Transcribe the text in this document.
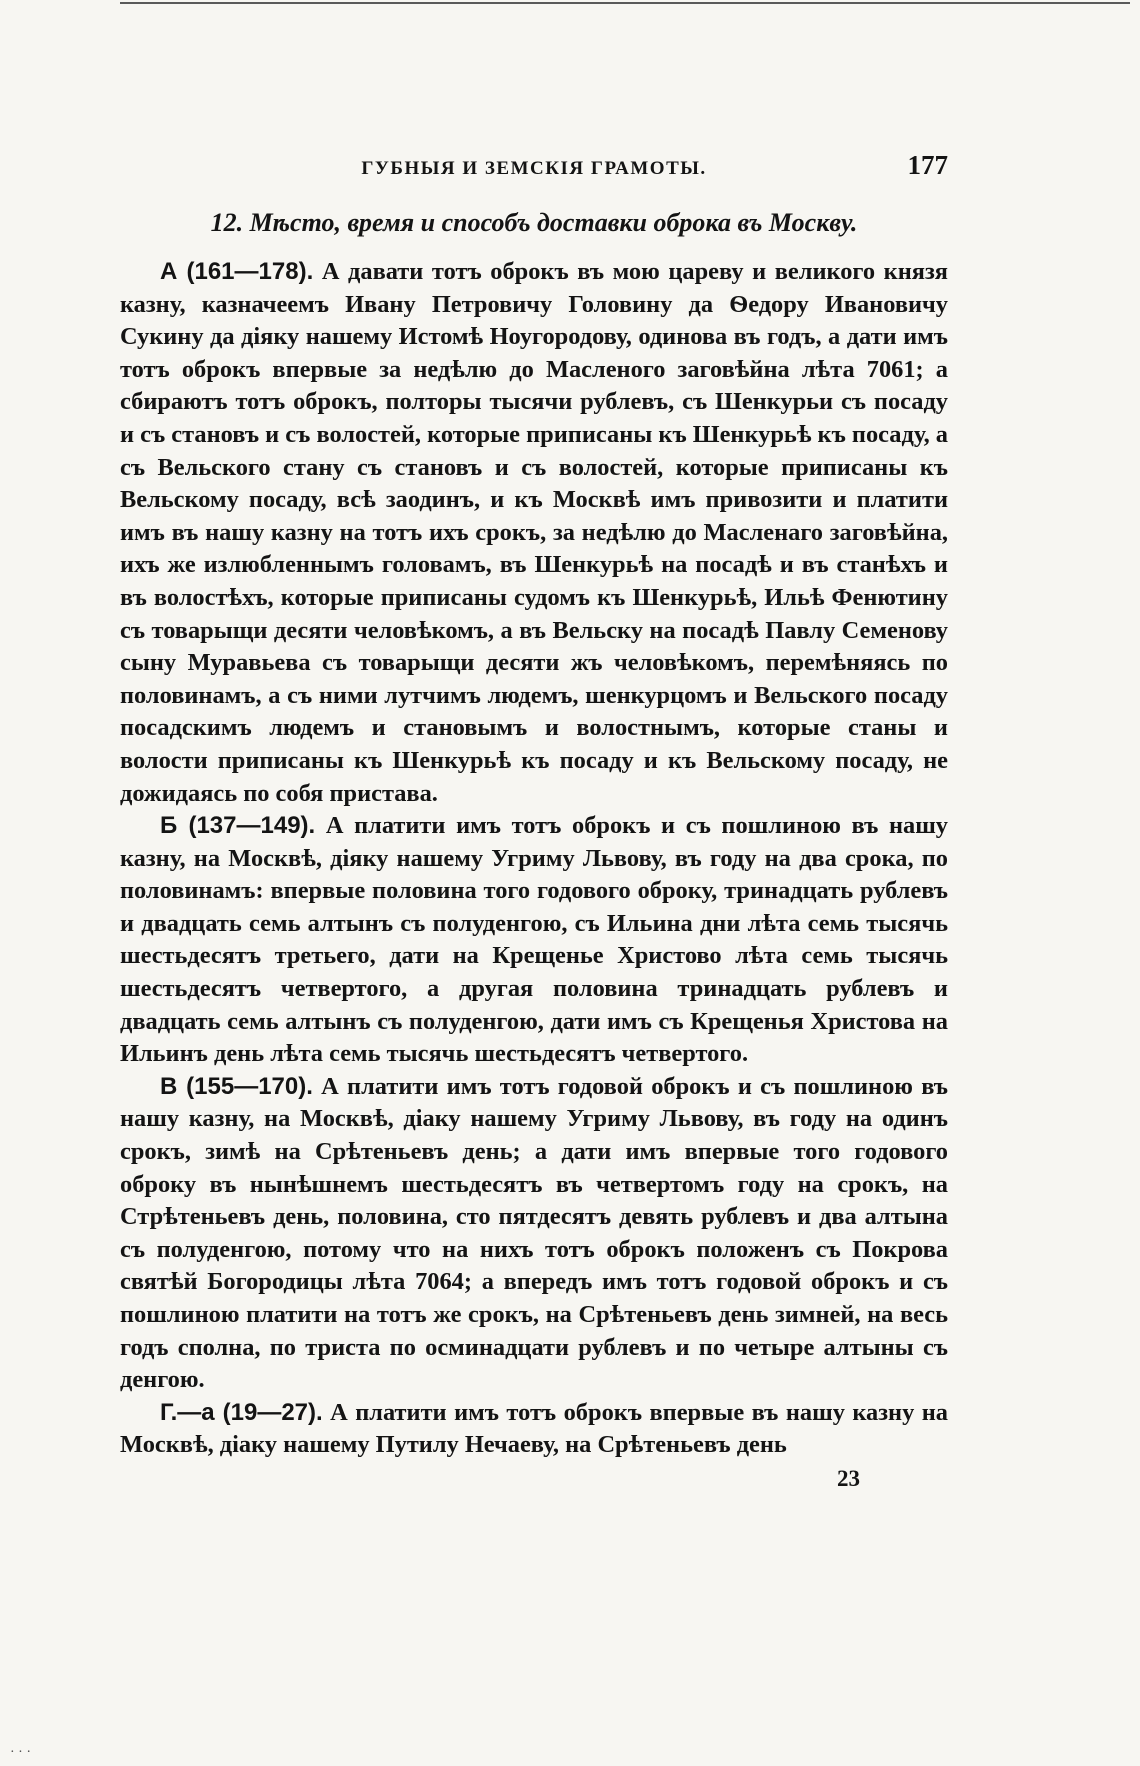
ГУБНЫЯ И ЗЕМСКІЯ ГРАМОТЫ.	177
12. Мѣсто, время и способъ доставки оброка въ Москву.

А (161—178). А давати тотъ оброкъ въ мою цареву и великого князя казну, казначеемъ Ивану Петровичу Головину да Ѳедору Ивановичу Сукину да діяку нашему Истомѣ Ноугородову, одинова въ годъ, а дати имъ тотъ оброкъ впервые за недѣлю до Масленого заговѣйна лѣта 7061; а сбираютъ тотъ оброкъ, полторы тысячи рублевъ, съ Шенкурьи съ посаду и съ становъ и съ волостей, которые приписаны къ Шенкурьѣ къ посаду, а съ Вельского стану съ становъ и съ волостей, которые приписаны къ Вельскому посаду, всѣ заодинъ, и къ Москвѣ имъ привозити и платити имъ въ нашу казну на тотъ ихъ срокъ, за недѣлю до Масленаго заговѣйна, ихъ же излюбленнымъ головамъ, въ Шенкурьѣ на посадѣ и въ станѣхъ и въ волостѣхъ, которые приписаны судомъ къ Шенкурьѣ, Ильѣ Фенютину съ товарыщи десяти человѣкомъ, а въ Вельску на посадѣ Павлу Семенову сыну Муравьева съ товарыщи десяти жъ человѣкомъ, перемѣняясь по половинамъ, а съ ними лутчимъ людемъ, шенкурцомъ и Вельского посаду посадскимъ людемъ и становымъ и волостнымъ, которые станы и волости приписаны къ Шенкурьѣ къ посаду и къ Вельскому посаду, не дожидаясь по собя пристава.

Б (137—149). А платити имъ тотъ оброкъ и съ пошлиною въ нашу казну, на Москвѣ, діяку нашему Угриму Львову, въ году на два срока, по половинамъ: впервые половина того годового оброку, тринадцать рублевъ и двадцать семь алтынъ съ полуденгою, съ Ильина дни лѣта семь тысячь шестьдесятъ третьего, дати на Крещенье Христово лѣта семь тысячь шестьдесятъ четвертого, а другая половина тринадцать рублевъ и двадцать семь алтынъ съ полуденгою, дати имъ съ Крещенья Христова на Ильинъ день лѣта семь тысячь шестьдесятъ четвертого.

В (155—170). А платити имъ тотъ годовой оброкъ и съ пошлиною въ нашу казну, на Москвѣ, діаку нашему Угриму Львову, въ году на одинъ срокъ, зимѣ на Срѣтеньевъ день; а дати имъ впервые того годового оброку въ нынѣшнемъ шестьдесятъ въ четвертомъ году на срокъ, на Стрѣтеньевъ день, половина, сто пятдесятъ девять рублевъ и два алтына съ полуденгою, потому что на нихъ тотъ оброкъ положенъ съ Покрова святѣй Богородицы лѣта 7064; а впередъ имъ тотъ годовой оброкъ и съ пошлиною платити на тотъ же срокъ, на Срѣтеньевъ день зимней, на весь годъ сполна, по триста по осминадцати рублевъ и по четыре алтыны съ денгою.

Г.—а (19—27). А платити имъ тотъ оброкъ впервые въ нашу казну на Москвѣ, діаку нашему Путилу Нечаеву, на Срѣтеньевъ день

23
· · ·
